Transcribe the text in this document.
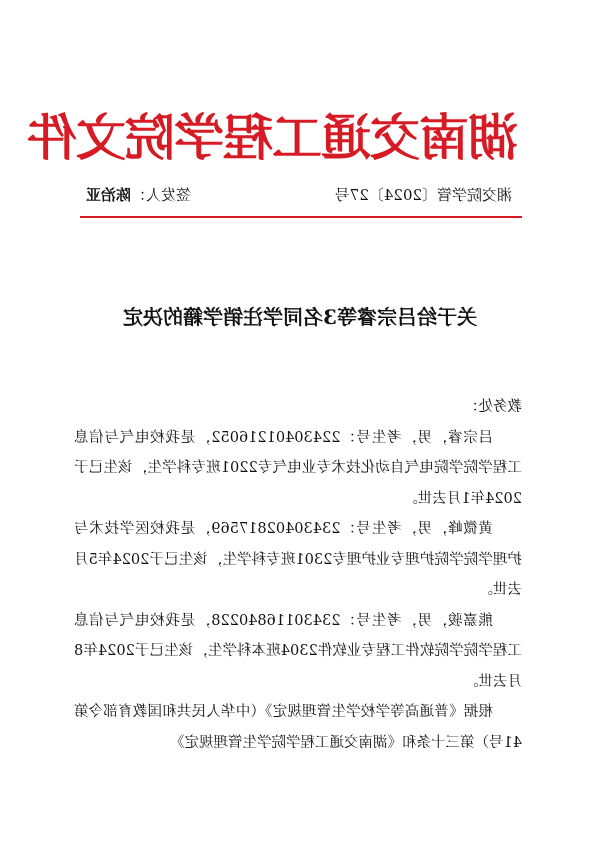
湖南交通工程学院文件
湘交院学管〔2024〕27号
签发人：陈治亚
关于给吕宗睿等3名同学注销学籍的决定

教务处：

吕宗睿，男，考生号：22430401216052，是我校电气与信息工程学院学院电气自动化技术专业电气专2201班专科学生，该生已于2024年1月去世。

黄微峰，男，考生号：23430402817569，是我校医学技术与护理学院学院护理专业护理专2301班专科学生，该生已于2024年5月去世。

熊嘉骏，男，考生号：23430116840228，是我校电气与信息工程学院学院软件工程专业软件2304班本科学生，该生已于2024年8月去世。

根据《普通高等学校学生管理规定》（中华人民共和国教育部令第41号）第三十条和《湖南交通工程学院学生管理规定》
